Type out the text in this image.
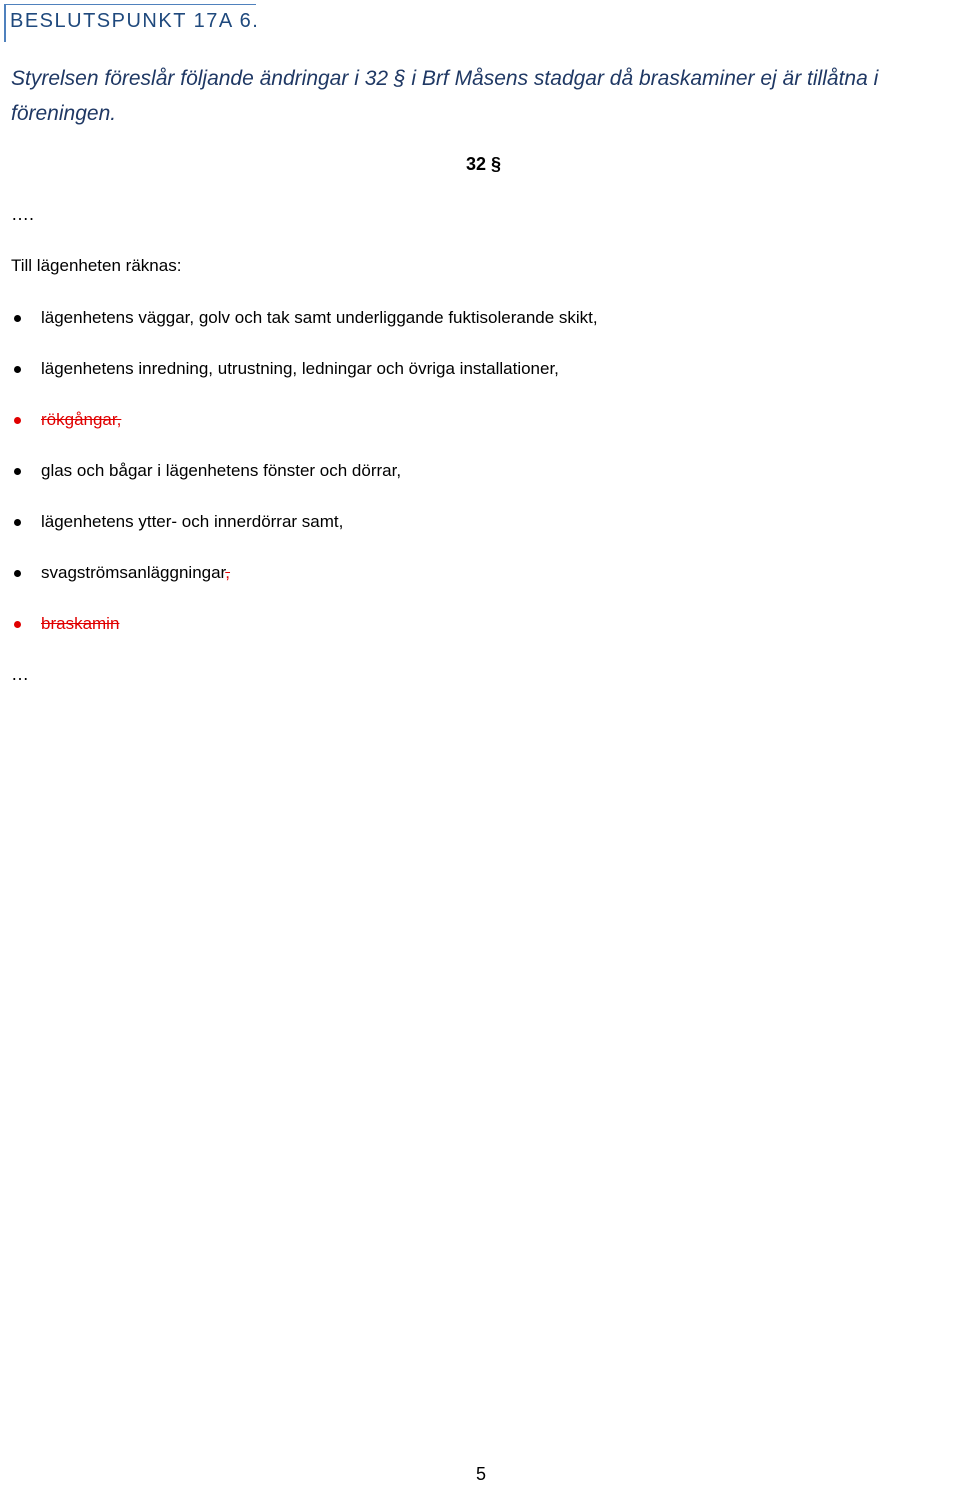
BESLUTSPUNKT 17A 6.
Styrelsen föreslår följande ändringar i 32 § i Brf Måsens stadgar då braskaminer ej är tillåtna i föreningen.
32 §
….
Till lägenheten räknas:
lägenhetens väggar, golv och tak samt underliggande fuktisolerande skikt,
lägenhetens inredning, utrustning, ledningar och övriga installationer,
rökgångar,
glas och bågar i lägenhetens fönster och dörrar,
lägenhetens ytter- och innerdörrar samt,
svagströmsanläggningar,
braskamin
…
5
